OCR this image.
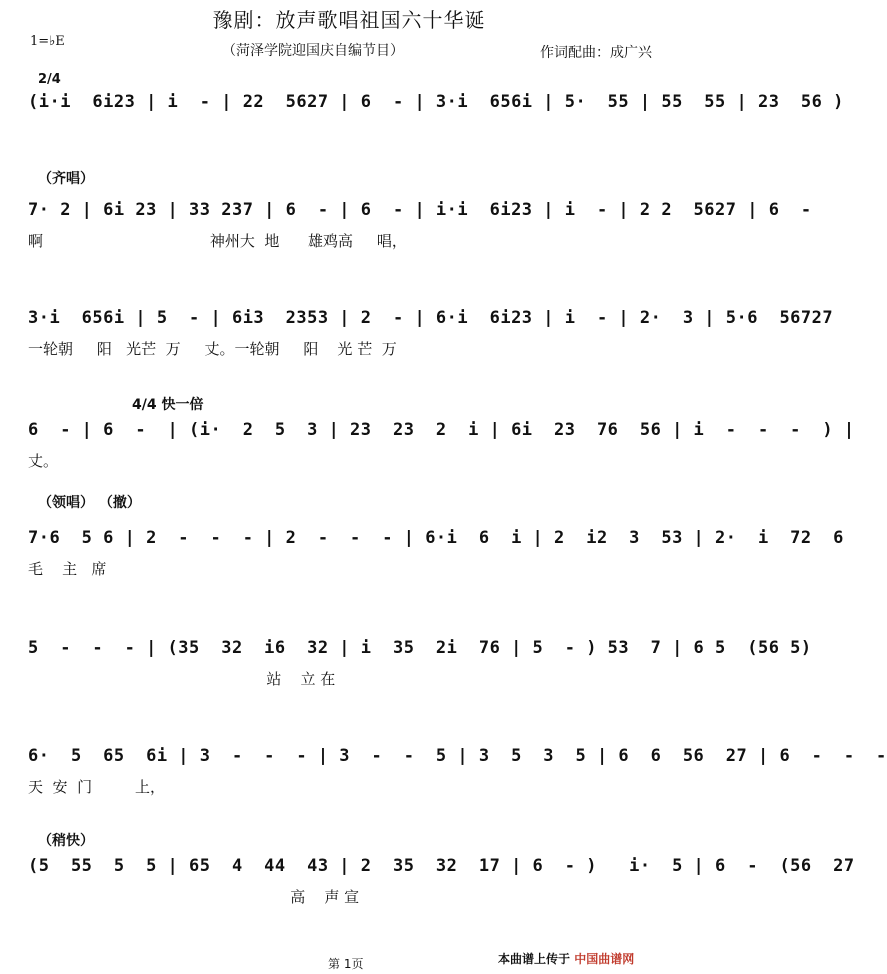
豫剧：放声歌唱祖国六十华诞
1=♭E
（菏泽学院迎国庆自编节目）	作词配曲：成广兴
2/4
(i·i  6i23 | i  - | 22  5627 | 6  - | 3·i  656i | 5·  55 | 55  55 | 23  56 )
（齐唱）
7· 2 | 6i 23 | 33 237 | 6  - | 6  - | i·i  6i23 | i  - | 2 2  5627 | 6  -
啊                                   神州大  地      雄鸡高     唱，
3·i  656i | 5  - | 6i3  2353 | 2  - | 6·i  6i23 | i  - | 2·  3 | 5·6  56727
一轮朝     阳   光芒  万     丈。一轮朝     阳    光 芒  万
4/4 快一倍
6  - | 6  -  | (i·  2  5  3 | 23  23  2  i | 6i  23  76  56 | i  -  -  -  ) |
丈。
（领唱） （撤）
7·6  5 6 | 2  -  -  - | 2  -  -  - | 6·i  6  i | 2  i2  3  53 | 2·  i  72  6
毛    主   席
5  -  -  - | (35  32  i6  32 | i  35  2i  76 | 5  - ) 53  7 | 6 5  (56 5)
站    立 在
6·  5  65  6i | 3  -  -  - | 3  -  -  5 | 3  5  3  5 | 6  6  56  27 | 6  -  -  -
天  安  门         上，
（稍快）
(5  55  5  5 | 65  4  44  43 | 2  35  32  17 | 6  - )   i·  5 | 6  -  (56  27
高    声 宣
第 1页	本曲谱上传于 中国曲谱网
